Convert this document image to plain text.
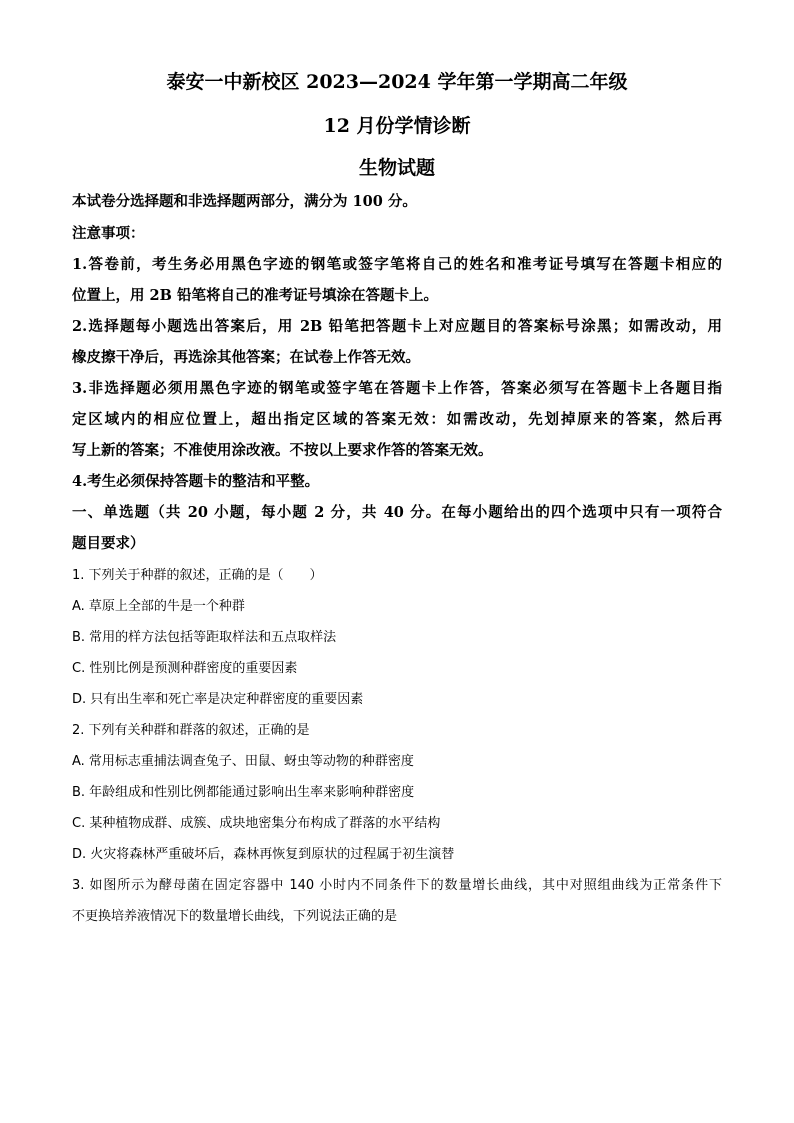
泰安一中新校区 2023—2024 学年第一学期高二年级
12 月份学情诊断
生物试题
本试卷分选择题和非选择题两部分，满分为 100 分。
注意事项：
1.答卷前，考生务必用黑色字迹的钢笔或签字笔将自己的姓名和准考证号填写在答题卡相应的
位置上，用 2B 铅笔将自己的准考证号填涂在答题卡上。
2.选择题每小题选出答案后，用 2B 铅笔把答题卡上对应题目的答案标号涂黑；如需改动，用
橡皮擦干净后，再选涂其他答案；在试卷上作答无效。
3.非选择题必须用黑色字迹的钢笔或签字笔在答题卡上作答，答案必须写在答题卡上各题目指
定区域内的相应位置上，超出指定区域的答案无效：如需改动，先划掉原来的答案，然后再
写上新的答案；不准使用涂改液。不按以上要求作答的答案无效。
4.考生必须保持答题卡的整洁和平整。
一、单选题（共 20 小题，每小题 2 分，共 40 分。在每小题给出的四个选项中只有一项符合
题目要求）
1. 下列关于种群的叙述，正确的是（　　）
A. 草原上全部的牛是一个种群
B. 常用的样方法包括等距取样法和五点取样法
C. 性别比例是预测种群密度的重要因素
D. 只有出生率和死亡率是决定种群密度的重要因素
2. 下列有关种群和群落的叙述，正确的是
A. 常用标志重捕法调查兔子、田鼠、蚜虫等动物的种群密度
B. 年龄组成和性别比例都能通过影响出生率来影响种群密度
C. 某种植物成群、成簇、成块地密集分布构成了群落的水平结构
D. 火灾将森林严重破坏后，森林再恢复到原状的过程属于初生演替
3. 如图所示为酵母菌在固定容器中 140 小时内不同条件下的数量增长曲线，其中对照组曲线为正常条件下
不更换培养液情况下的数量增长曲线，下列说法正确的是
